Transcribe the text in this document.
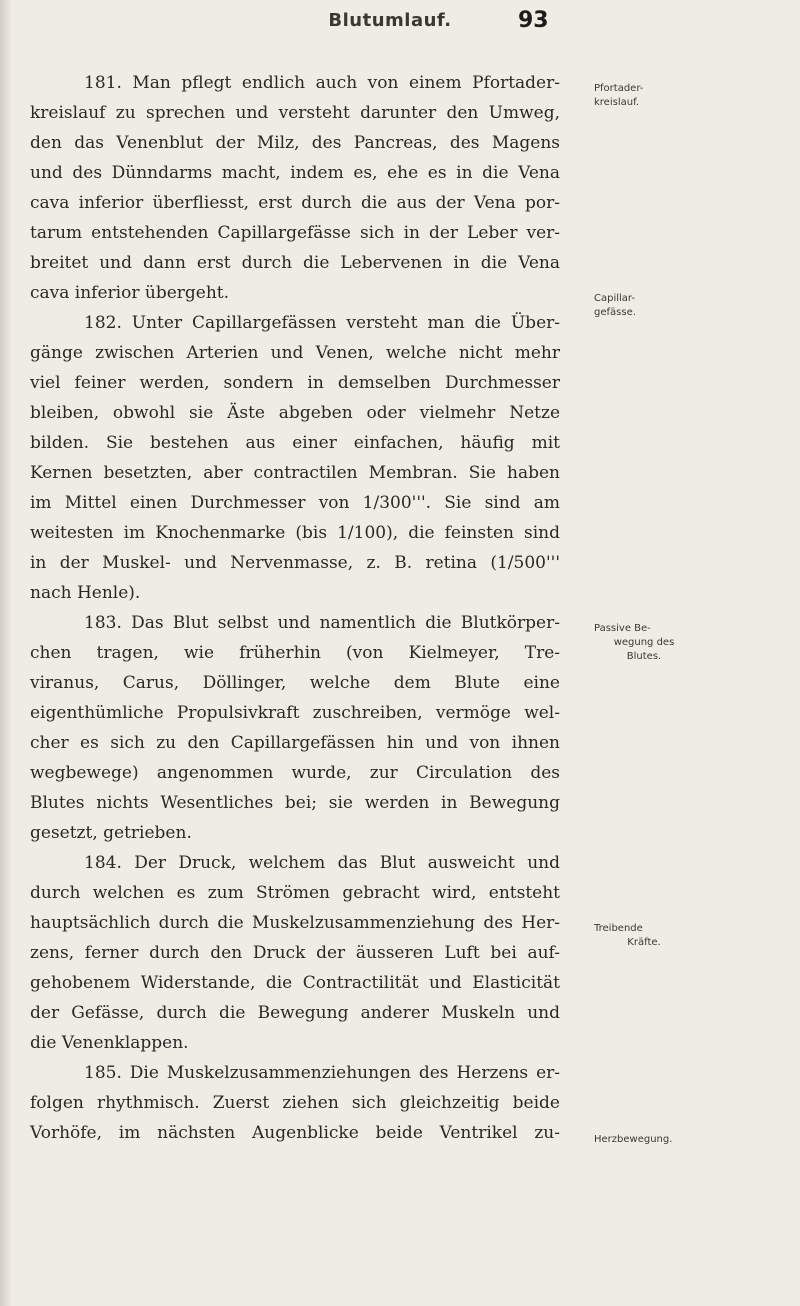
Blutumlauf.	93
181. Man pflegt endlich auch von einem Pfortader-
kreislauf zu sprechen und versteht darunter den Umweg,
den das Venenblut der Milz, des Pancreas, des Magens
und des Dünndarms macht, indem es, ehe es in die Vena
cava inferior überfliesst, erst durch die aus der Vena por-
tarum entstehenden Capillargefässe sich in der Leber ver-
breitet und dann erst durch die Lebervenen in die Vena
cava inferior übergeht.
182. Unter Capillargefässen versteht man die Über-
gänge zwischen Arterien und Venen, welche nicht mehr
viel feiner werden, sondern in demselben Durchmesser
bleiben, obwohl sie Äste abgeben oder vielmehr Netze
bilden. Sie bestehen aus einer einfachen, häufig mit
Kernen besetzten, aber contractilen Membran. Sie haben
im Mittel einen Durchmesser von 1/300'''. Sie sind am
weitesten im Knochenmarke (bis 1/100), die feinsten sind
in der Muskel- und Nervenmasse, z. B. retina (1/500'''
nach Henle).
183. Das Blut selbst und namentlich die Blutkörper-
chen tragen, wie früherhin (von Kielmeyer, Tre-
viranus, Carus, Döllinger, welche dem Blute eine
eigenthümliche Propulsivkraft zuschreiben, vermöge wel-
cher es sich zu den Capillargefässen hin und von ihnen
wegbewege) angenommen wurde, zur Circulation des
Blutes nichts Wesentliches bei; sie werden in Bewegung
gesetzt, getrieben.
184. Der Druck, welchem das Blut ausweicht und
durch welchen es zum Strömen gebracht wird, entsteht
hauptsächlich durch die Muskelzusammenziehung des Her-
zens, ferner durch den Druck der äusseren Luft bei auf-
gehobenem Widerstande, die Contractilität und Elasticität
der Gefässe, durch die Bewegung anderer Muskeln und
die Venenklappen.
185. Die Muskelzusammenziehungen des Herzens er-
folgen rhythmisch. Zuerst ziehen sich gleichzeitig beide
Vorhöfe, im nächsten Augenblicke beide Ventrikel zu-
Pfortader-
kreislauf.
Capillar-
gefässe.
Passive Be-
wegung des
Blutes.
Treibende
Kräfte.
Herzbewegung.
